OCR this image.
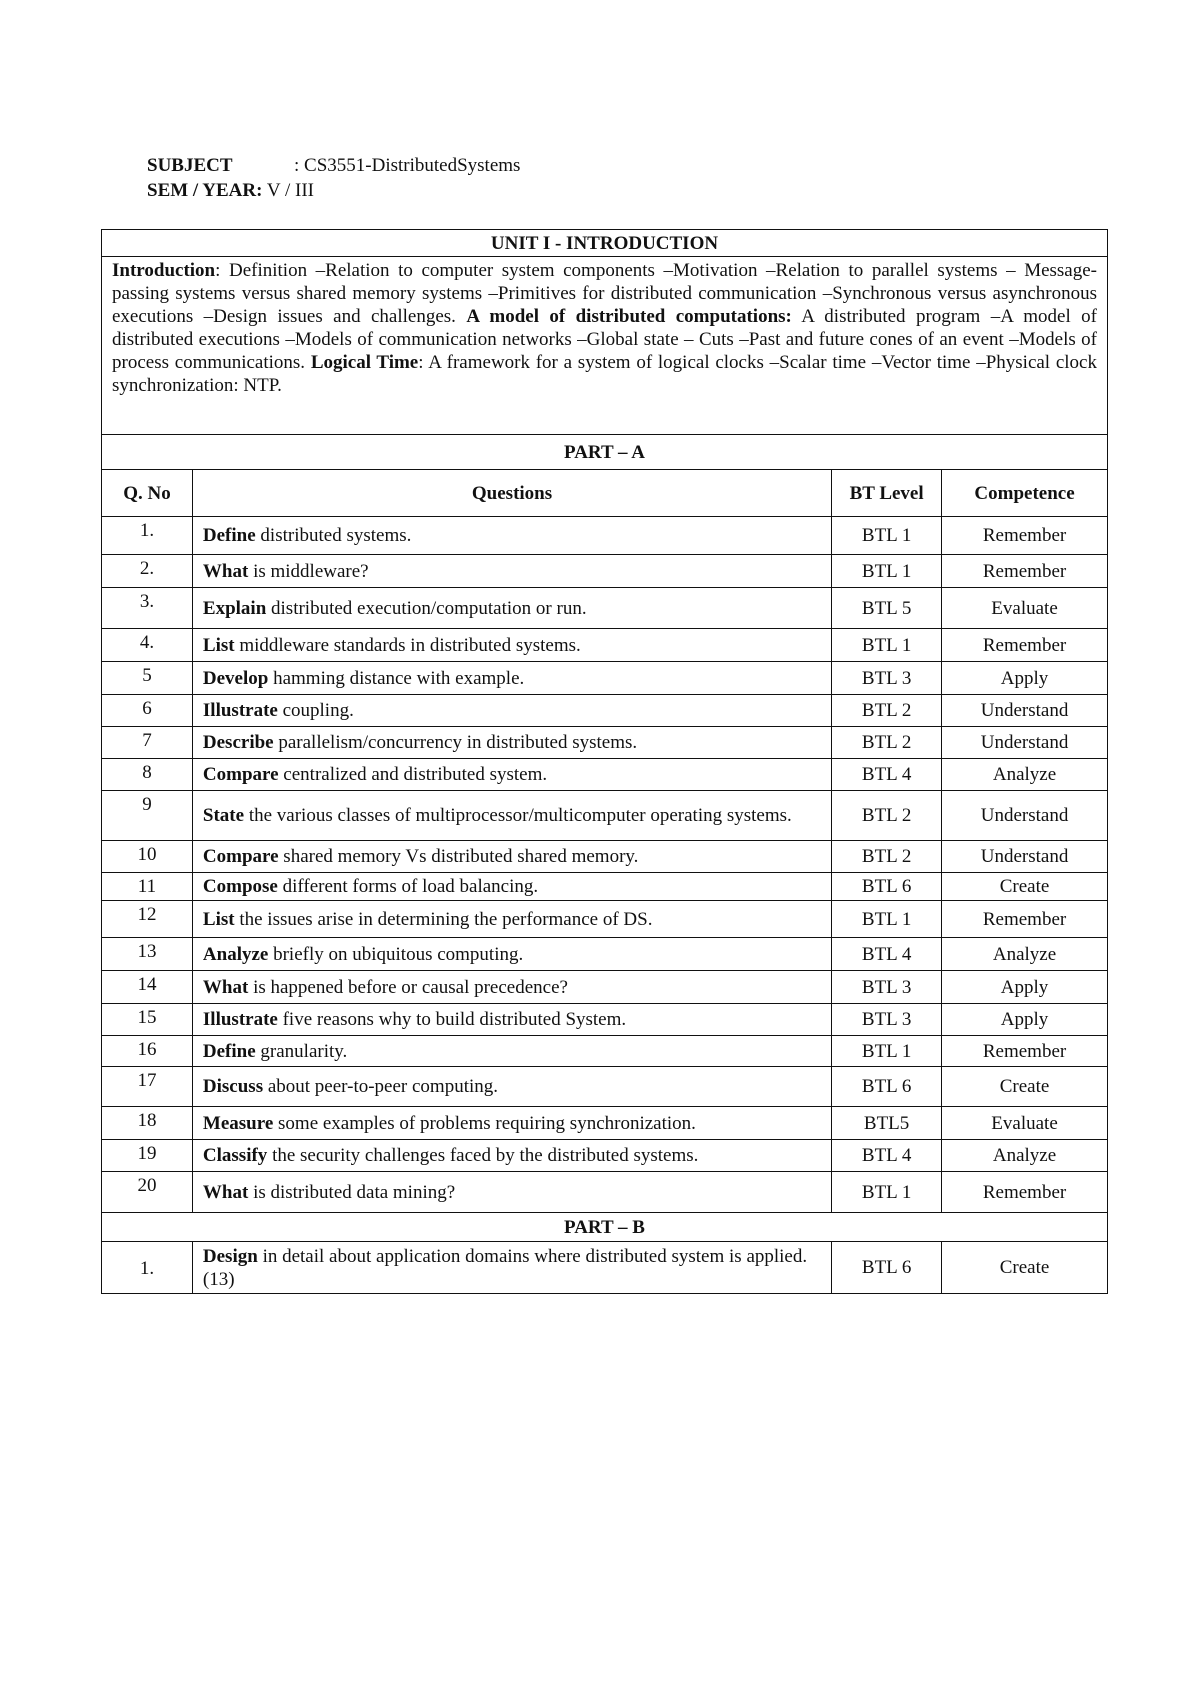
SUBJECT	: CS3551-DistributedSystems
SEM / YEAR: V / III
UNIT I - INTRODUCTION			
Introduction: Definition –Relation to computer system components –Motivation –Relation to parallel systems – Message-passing systems versus shared memory systems –Primitives for distributed communication –Synchronous versus asynchronous executions –Design issues and challenges. A model of distributed computations: A distributed program –A model of distributed executions –Models of communication networks –Global state – Cuts –Past and future cones of an event –Models of process communications. Logical Time: A framework for a system of logical clocks –Scalar time –Vector time –Physical clock synchronization: NTP.			
PART – A			
Q. No	Questions	BT Level	Competence
1.	Define distributed systems.	BTL 1	Remember
2.	What is middleware?	BTL 1	Remember
3.	Explain distributed execution/computation or run.	BTL 5	Evaluate
4.	List middleware standards in distributed systems.	BTL 1	Remember
5	Develop hamming distance with example.	BTL 3	Apply
6	Illustrate coupling.	BTL 2	Understand
7	Describe parallelism/concurrency in distributed systems.	BTL 2	Understand
8	Compare centralized and distributed system.	BTL 4	Analyze
9	State the various classes of multiprocessor/multicomputer operating systems.	BTL 2	Understand
10	Compare shared memory Vs distributed shared memory.	BTL 2	Understand
11	Compose different forms of load balancing.	BTL 6	Create
12	List the issues arise in determining the performance of DS.	BTL 1	Remember
13	Analyze briefly on ubiquitous computing.	BTL 4	Analyze
14	What is happened before or causal precedence?	BTL 3	Apply
15	Illustrate five reasons why to build distributed System.	BTL 3	Apply
16	Define granularity.	BTL 1	Remember
17	Discuss about peer-to-peer computing.	BTL 6	Create
18	Measure some examples of problems requiring synchronization.	BTL5	Evaluate
19	Classify the security challenges faced by the distributed systems.	BTL 4	Analyze
20	What is distributed data mining?	BTL 1	Remember
PART – B			
1.	Design in detail about application domains where distributed system is applied. (13)	BTL 6	Create
